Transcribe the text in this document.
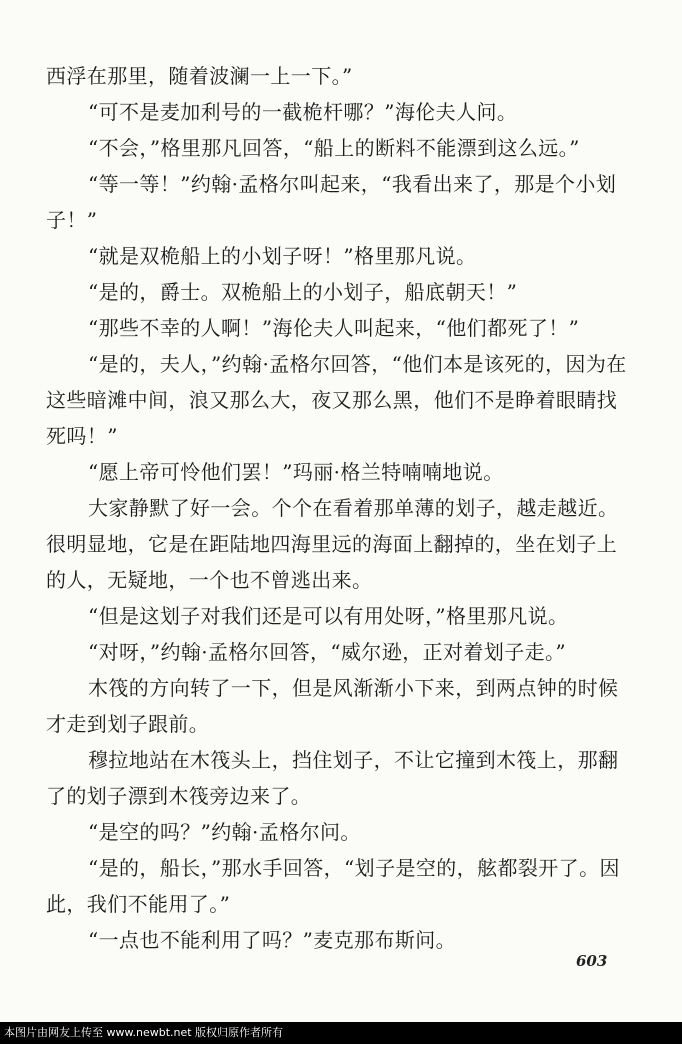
西浮在那里，随着波澜一上一下。”

“可不是麦加利号的一截桅杆哪？”海伦夫人问。

“不会，”格里那凡回答，“船上的断料不能漂到这么远。”

“等一等！”约翰·孟格尔叫起来，“我看出来了，那是个小划子！”

“就是双桅船上的小划子呀！”格里那凡说。

“是的，爵士。双桅船上的小划子，船底朝天！”

“那些不幸的人啊！”海伦夫人叫起来，“他们都死了！”

“是的，夫人，”约翰·孟格尔回答，“他们本是该死的，因为在这些暗滩中间，浪又那么大，夜又那么黑，他们不是睁着眼睛找死吗！”

“愿上帝可怜他们罢！”玛丽·格兰特喃喃地说。

大家静默了好一会。个个在看着那单薄的划子，越走越近。很明显地，它是在距陆地四海里远的海面上翻掉的，坐在划子上的人，无疑地，一个也不曾逃出来。

“但是这划子对我们还是可以有用处呀，”格里那凡说。

“对呀，”约翰·孟格尔回答，“威尔逊，正对着划子走。”

木筏的方向转了一下，但是风渐渐小下来，到两点钟的时候才走到划子跟前。

穆拉地站在木筏头上，挡住划子，不让它撞到木筏上，那翻了的划子漂到木筏旁边来了。

“是空的吗？”约翰·孟格尔问。

“是的，船长，”那水手回答，“划子是空的，舷都裂开了。因此，我们不能用了。”

“一点也不能利用了吗？”麦克那布斯问。

603
本图片由网友上传至 www.newbt.net 版权归原作者所有
